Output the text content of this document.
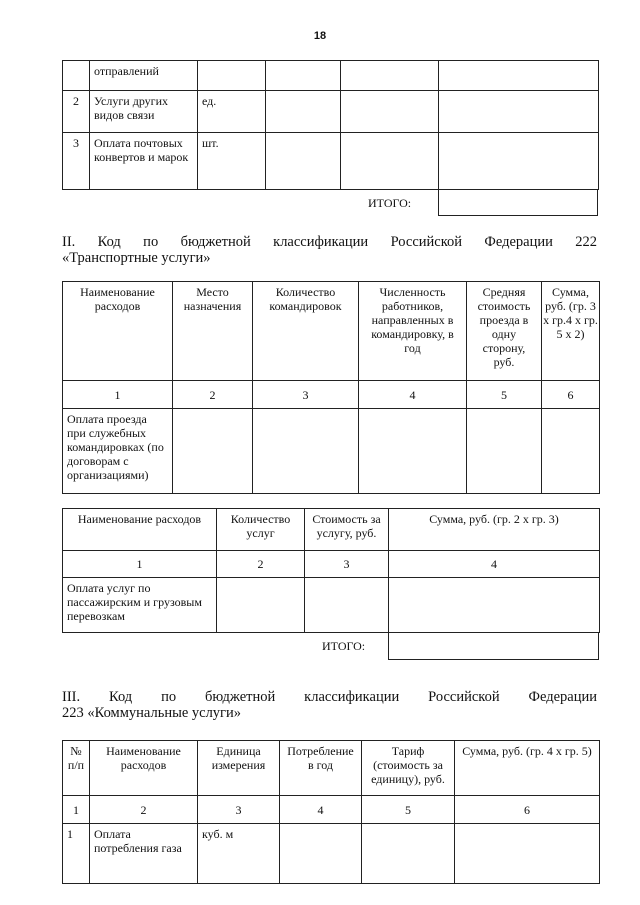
18
	отправлений				
2	Услуги других видов связи	ед.			
3	Оплата почтовых конвертов и марок	шт.			
ИТОГО:
II. Код по бюджетной классификации Российской Федерации 222
«Транспортные услуги»
Наименование расходов	Место назначения	Количество командировок	Численность работников, направленных в командировку, в год	Средняя стоимость проезда в одну сторону, руб.	Сумма, руб. (гр. 3 х гр.4 х гр. 5 х 2)
1	2	3	4	5	6
Оплата проезда при служебных командировках (по договорам с организациями)					
Наименование расходов	Количество услуг	Стоимость за услугу, руб.	Сумма, руб. (гр. 2 х гр. 3)
1	2	3	4
Оплата услуг по пассажирским и грузовым перевозкам			
ИТОГО:
III. Код по бюджетной классификации Российской Федерации
223 «Коммунальные услуги»
№ п/п	Наименование расходов	Единица измерения	Потребление в год	Тариф (стоимость за единицу), руб.	Сумма, руб. (гр. 4 х гр. 5)
1	2	3	4	5	6
1	Оплата потребления газа	куб. м			
